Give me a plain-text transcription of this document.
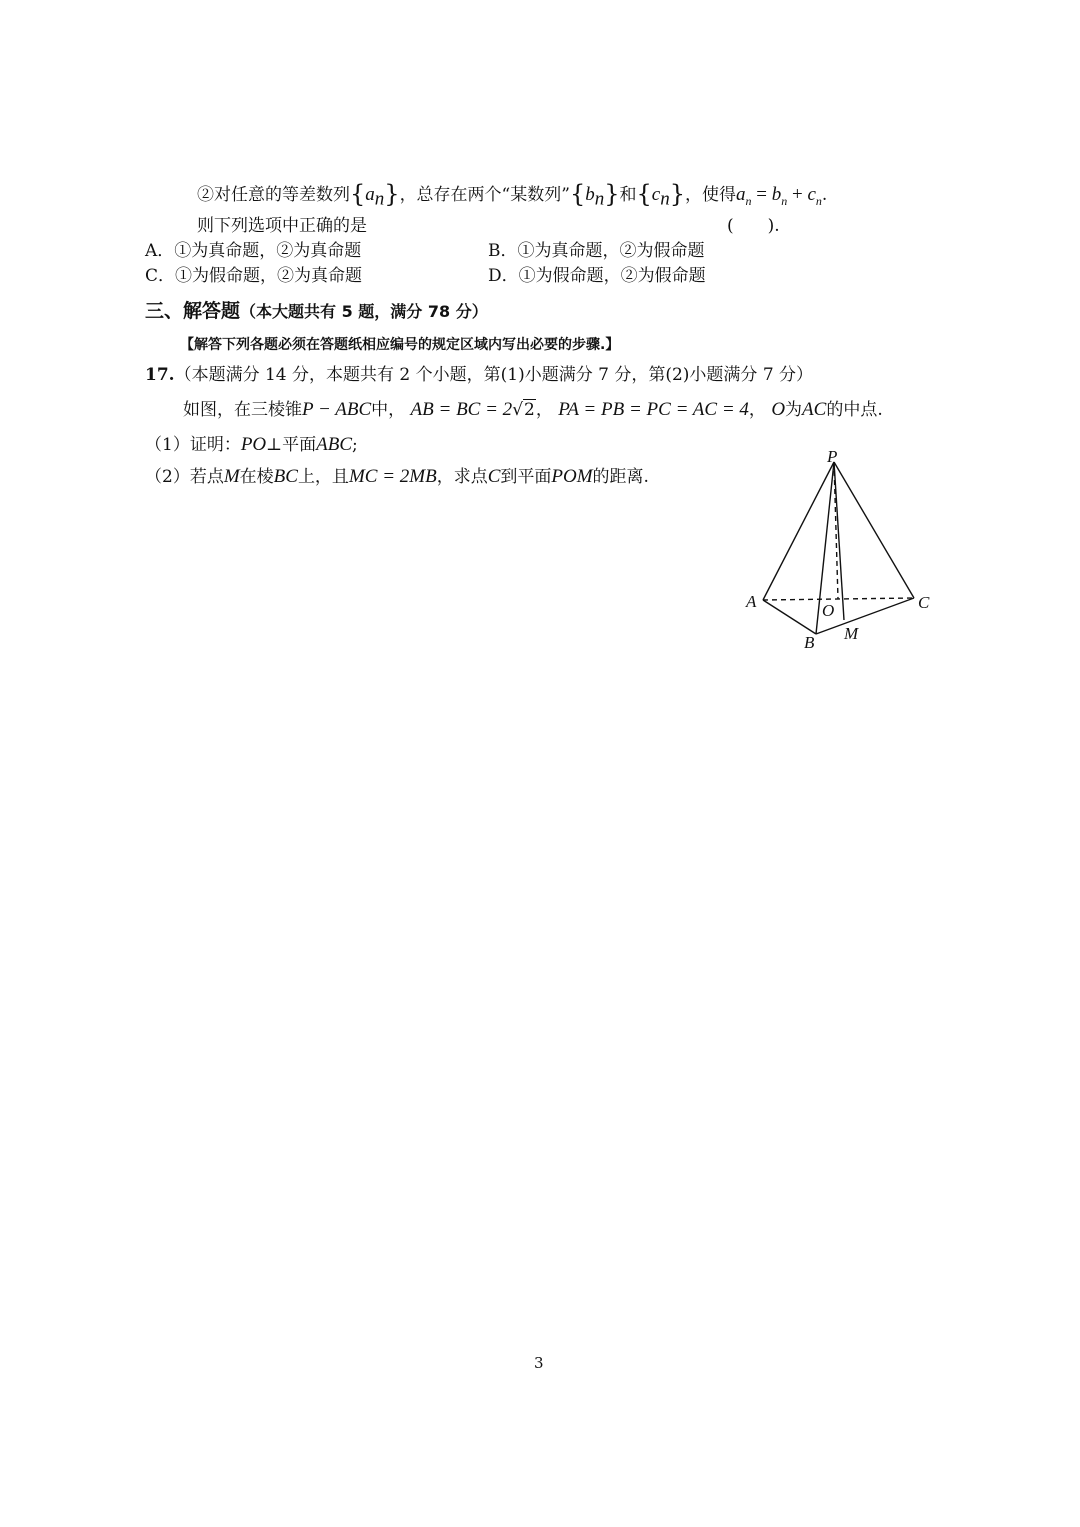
②对任意的等差数列$\{a_n\}$，总存在两个“某数列$”\{b_n\}$和$\{c_n\}$，使得$a_n = b_n + c_n$.
则下列选项中正确的是	(　　).
A．①为真命题，②为真命题	B．①为真命题，②为假命题
C．①为假命题，②为真命题	D．①为假命题，②为假命题
三、解答题（本大题共有 5 题，满分 78 分）
【解答下列各题必须在答题纸相应编号的规定区域内写出必要的步骤.】
17.（本题满分 14 分，本题共有 2 个小题，第(1)小题满分 7 分，第(2)小题满分 7 分）
如图，在三棱锥P − ABC中， AB = BC = 2√2， PA = PB = PC = AC = 4， O为AC的中点.
（1）证明：PO⊥平面ABC;
（2）若点M在棱BC上，且MC = 2MB，求点C到平面POM的距离.
P
A	C
O
B M
3
